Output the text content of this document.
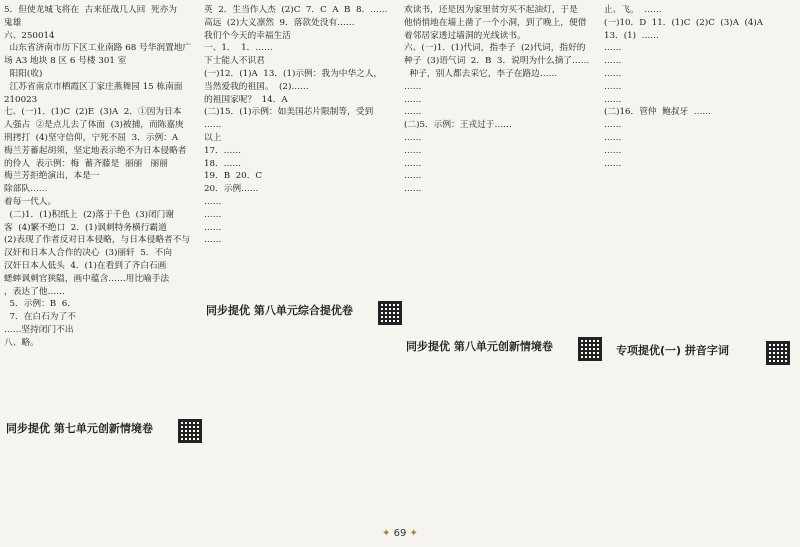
5．但使龙城飞将在  古来征战几人回  死亦为
鬼雄
六、250014
山东省济南市历下区工业南路 68 号华润置地广
场 A3 地块 8 区 6 号楼 301 室
阳阳(收)
江苏省南京市栖霞区丁家庄燕舞园 15 栋南面
210023
七、(一)1．(1)C  (2)E  (3)A  2．①因为日本
人强占  ②是点儿去了体面  (3)被捕，而陈嘉庚
刑拷打  (4)坚守信仰，宁死不屈  3．示例：A
梅兰芳蓄起胡须，坚定地表示绝不为日本侵略者
的伶人  表示例：梅  蓄齐藤是  丽丽   丽丽
梅兰芳拒绝演出，本是一
除部队……
着每一代人。
(二)1．(1)积纸上  (2)落于千色  (3)闭门谢
客  (4)繁不绝口  2．(1)讽刺特务横行霸道
(2)表现了作者反对日本侵略，与日本侵略者不与
汉奸和日本人合作的决心  (3)丽轩  5．不向
汉奸日本人低头  4．(1)在看到了齐白石画
蟋蟀讽刺官狭隘，画中蕴含……用比喻手法
，表达了他……
5．示例：B  6．
7．在白石为了不
……坚持闭门不出
八、略。
英  2．生当作人杰  (2)C  7．C  A  B  8．……
高远  (2)大义凛然  9．落款处没有……
我们个今天的幸福生活
一、1．  1．……
下士能人不识君
(一)12．(1)A  13．(1)示例：我为中华之人，
当然爱我的祖国。  (2)……
的祖国家呢？  14．A
(二)15．(1)示例：如美国芯片限制等，受到
……
以上
17．……
18．……
19．B  20．C
20．示例……
……
……
……
……
欢读书，还是因为家里贫穷买不起油灯，于是
他悄悄地在墙上凿了一个小洞，到了晚上，便借
着邻居家透过墙洞的光线读书。
六、(一)1．(1)代词，指李子  (2)代词，指好的
种子  (3)语气词  2．B  3．说明为什么摘了……
种子，别人都去采它，李子在路边……
……
……
……
(二)5．示例：王戎过于……
……
……
……
……
……
止、飞。  ……
(一)10．D  11．(1)C  (2)C  (3)A  (4)A
13．(1)  ……
……
……
……
……
……
(二)16．管仲  鲍叔牙  ……
……
……
……
……
同步提优 第七单元创新情境卷
同步提优 第八单元综合提优卷
同步提优 第八单元创新情境卷	专项提优(一) 拼音字词
✦ 69 ✦
